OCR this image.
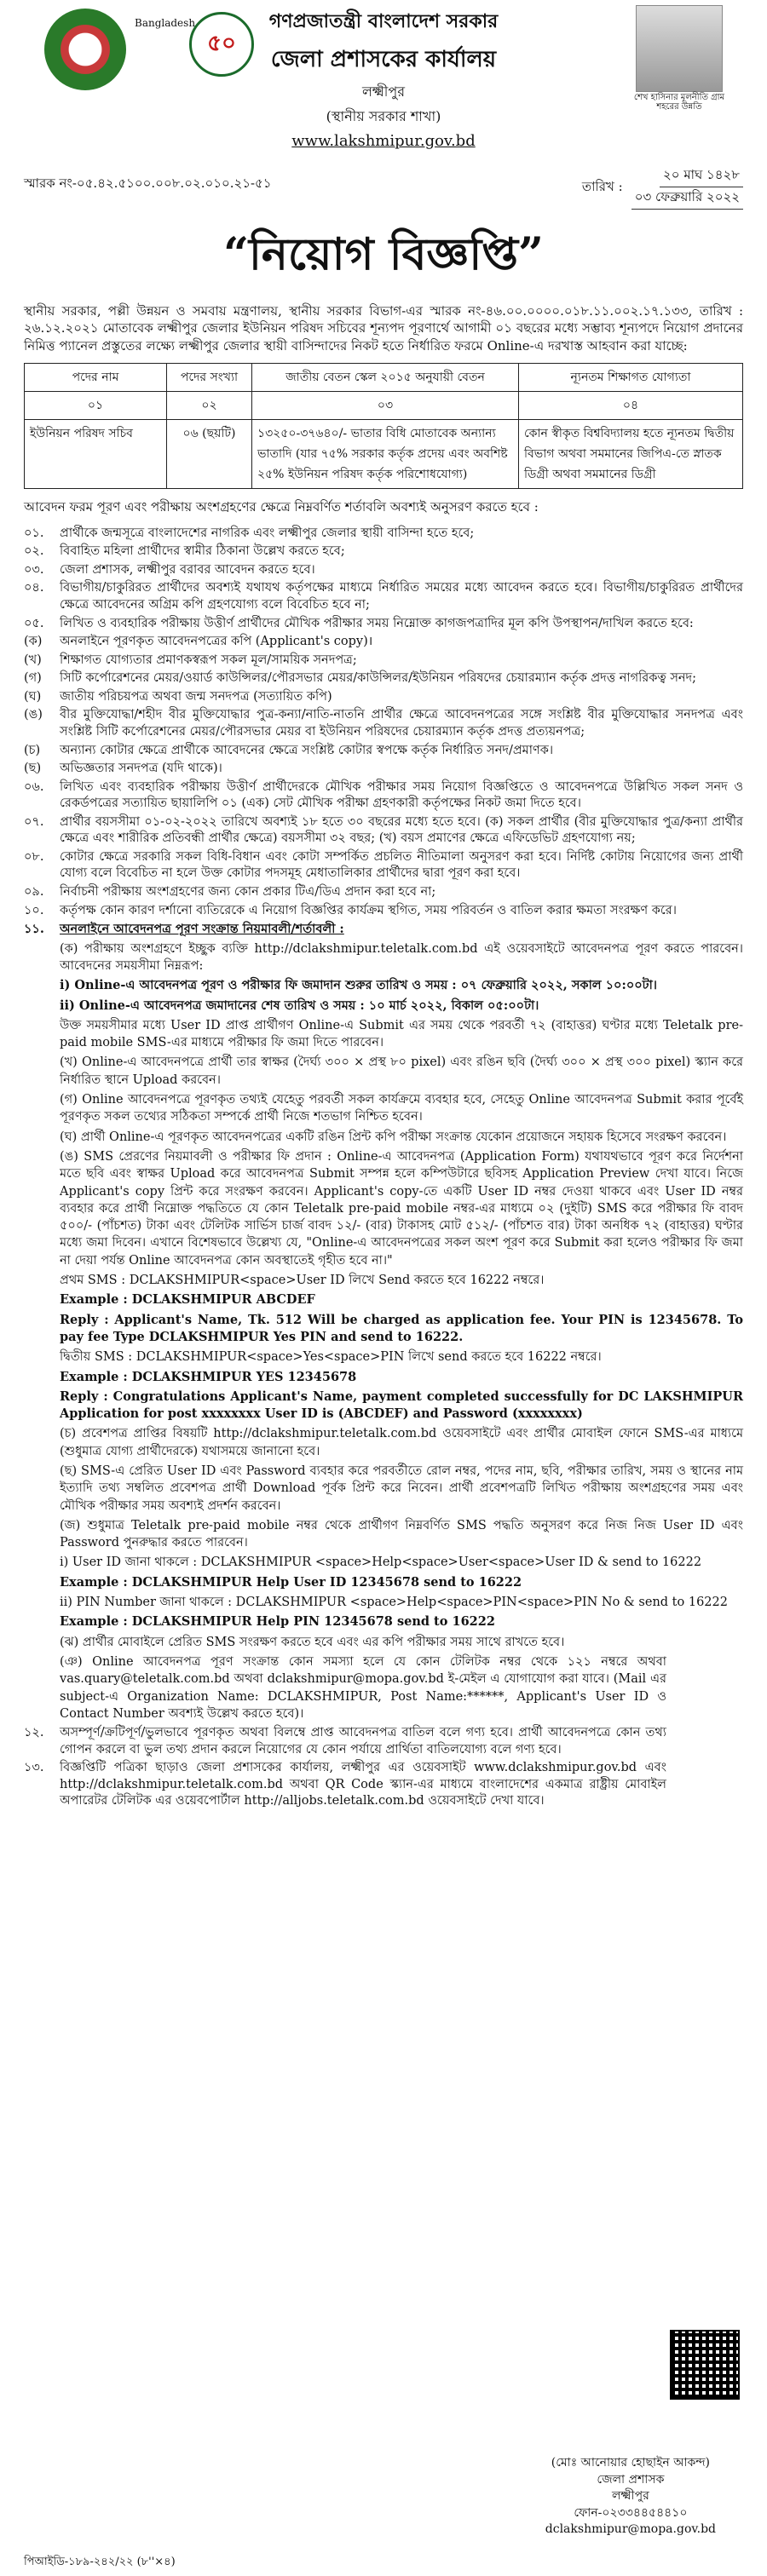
Bangladesh
৫০
শেখ হাসিনার মূলনীতি গ্রাম শহরের উন্নতি
গণপ্রজাতন্ত্রী বাংলাদেশ সরকার
জেলা প্রশাসকের কার্যালয়
লক্ষ্মীপুর
(স্থানীয় সরকার শাখা)
www.lakshmipur.gov.bd
স্মারক নং-০৫.৪২.৫১০০.০০৮.০২.০১০.২১-৫১	তারিখ :
২০ মাঘ ১৪২৮
০৩ ফেব্রুয়ারি ২০২২
“নিয়োগ বিজ্ঞপ্তি”
স্থানীয় সরকার, পল্লী উন্নয়ন ও সমবায় মন্ত্রণালয়, স্থানীয় সরকার বিভাগ-এর স্মারক নং-৪৬.০০.০০০০.০১৮.১১.০০২.১৭.১৩৩, তারিখ : ২৬.১২.২০২১ মোতাবেক লক্ষ্মীপুর জেলার ইউনিয়ন পরিষদ সচিবের শূন্যপদ পূরণার্থে আগামী ০১ বছরের মধ্যে সম্ভাব্য শূন্যপদে নিয়োগ প্রদানের নিমিত্ত প্যানেল প্রস্তুতের লক্ষ্যে লক্ষ্মীপুর জেলার স্থায়ী বাসিন্দাদের নিকট হতে নির্ধারিত ফরমে Online-এ দরখাস্ত আহবান করা যাচ্ছে:
পদের নাম	পদের সংখ্যা	জাতীয় বেতন স্কেল ২০১৫ অনুযায়ী বেতন	ন্যূনতম শিক্ষাগত যোগ্যতা
০১	০২	০৩	০৪
ইউনিয়ন পরিষদ সচিব	০৬ (ছয়টি)	১৩২৫০-৩৭৬৪০/- ভাতার বিধি মোতাবেক অন্যান্য ভাতাদি (যার ৭৫% সরকার কর্তৃক প্রদেয় এবং অবশিষ্ট ২৫% ইউনিয়ন পরিষদ কর্তৃক পরিশোধযোগ্য)	কোন স্বীকৃত বিশ্ববিদ্যালয় হতে ন্যূনতম দ্বিতীয় বিভাগ অথবা সমমানের জিপিএ-তে স্নাতক ডিগ্রী অথবা সমমানের ডিগ্রী
আবেদন ফরম পূরণ এবং পরীক্ষায় অংশগ্রহণের ক্ষেত্রে নিম্নবর্ণিত শর্তাবলি অবশ্যই অনুসরণ করতে হবে :
০১.	প্রার্থীকে জন্মসূত্রে বাংলাদেশের নাগরিক এবং লক্ষ্মীপুর জেলার স্থায়ী বাসিন্দা হতে হবে;
০২.	বিবাহিত মহিলা প্রার্থীদের স্বামীর ঠিকানা উল্লেখ করতে হবে;
০৩.	জেলা প্রশাসক, লক্ষ্মীপুর বরাবর আবেদন করতে হবে।
০৪.	বিভাগীয়/চাকুরিরত প্রার্থীদের অবশ্যই যথাযথ কর্তৃপক্ষের মাধ্যমে নির্ধারিত সময়ের মধ্যে আবেদন করতে হবে। বিভাগীয়/চাকুরিরত প্রার্থীদের ক্ষেত্রে আবেদনের অগ্রিম কপি গ্রহণযোগ্য বলে বিবেচিত হবে না;
০৫.	লিখিত ও ব্যবহারিক পরীক্ষায় উত্তীর্ণ প্রার্থীদের মৌখিক পরীক্ষার সময় নিম্নোক্ত কাগজপত্রাদির মূল কপি উপস্থাপন/দাখিল করতে হবে:
(ক)	অনলাইনে পূরণকৃত আবেদনপত্রের কপি (Applicant's copy)।
(খ)	শিক্ষাগত যোগ্যতার প্রমাণকস্বরূপ সকল মূল/সাময়িক সনদপত্র;
(গ)	সিটি কর্পোরেশনের মেয়র/ওয়ার্ড কাউন্সিলর/পৌরসভার মেয়র/কাউন্সিলর/ইউনিয়ন পরিষদের চেয়ারম্যান কর্তৃক প্রদত্ত নাগরিকত্ব সনদ;
(ঘ)	জাতীয় পরিচয়পত্র অথবা জন্ম সনদপত্র (সত্যায়িত কপি)
(ঙ)	বীর মুক্তিযোদ্ধা/শহীদ বীর মুক্তিযোদ্ধার পুত্র-কন্যা/নাতি-নাতনি প্রার্থীর ক্ষেত্রে আবেদনপত্রের সঙ্গে সংশ্লিষ্ট বীর মুক্তিযোদ্ধার সনদপত্র এবং সংশ্লিষ্ট সিটি কর্পোরেশনের মেয়র/পৌরসভার মেয়র বা ইউনিয়ন পরিষদের চেয়ারম্যান কর্তৃক প্রদত্ত প্রত্যয়নপত্র;
(চ)	অন্যান্য কোটার ক্ষেত্রে প্রার্থীকে আবেদনের ক্ষেত্রে সংশ্লিষ্ট কোটার স্বপক্ষে কর্তৃক নির্ধারিত সনদ/প্রমাণক।
(ছ)	অভিজ্ঞতার সনদপত্র (যদি থাকে)।
০৬.	লিখিত এবং ব্যবহারিক পরীক্ষায় উত্তীর্ণ প্রার্থীদেরকে মৌখিক পরীক্ষার সময় নিয়োগ বিজ্ঞপ্তিতে ও আবেদনপত্রে উল্লিখিত সকল সনদ ও রেকর্ডপত্রের সত্যায়িত ছায়ালিপি ০১ (এক) সেট মৌখিক পরীক্ষা গ্রহণকারী কর্তৃপক্ষের নিকট জমা দিতে হবে।
০৭.	প্রার্থীর বয়সসীমা ০১-০২-২০২২ তারিখে অবশ্যই ১৮ হতে ৩০ বছরের মধ্যে হতে হবে। (ক) সকল প্রার্থীর (বীর মুক্তিযোদ্ধার পুত্র/কন্যা প্রার্থীর ক্ষেত্রে এবং শারীরিক প্রতিবন্ধী প্রার্থীর ক্ষেত্রে) বয়সসীমা ৩২ বছর; (খ) বয়স প্রমাণের ক্ষেত্রে এফিডেভিট গ্রহণযোগ্য নয়;
০৮.	কোটার ক্ষেত্রে সরকারি সকল বিধি-বিধান এবং কোটা সম্পর্কিত প্রচলিত নীতিমালা অনুসরণ করা হবে। নির্দিষ্ট কোটায় নিয়োগের জন্য প্রার্থী যোগ্য বলে বিবেচিত না হলে উক্ত কোটার পদসমূহ মেধাতালিকার প্রার্থীদের দ্বারা পূরণ করা হবে।
০৯.	নির্বাচনী পরীক্ষায় অংশগ্রহণের জন্য কোন প্রকার টিএ/ডিএ প্রদান করা হবে না;
১০.	কর্তৃপক্ষ কোন কারণ দর্শানো ব্যতিরেকে এ নিয়োগ বিজ্ঞপ্তির কার্যক্রম স্থগিত, সময় পরিবর্তন ও বাতিল করার ক্ষমতা সংরক্ষণ করে।
১১.	অনলাইনে আবেদনপত্র পূরণ সংক্রান্ত নিয়মাবলী/শর্তাবলী :

(ক) পরীক্ষায় অংশগ্রহণে ইচ্ছুক ব্যক্তি http://dclakshmipur.teletalk.com.bd এই ওয়েবসাইটে আবেদনপত্র পূরণ করতে পারবেন। আবেদনের সময়সীমা নিম্নরূপ:

i) Online-এ আবেদনপত্র পূরণ ও পরীক্ষার ফি জমাদান শুরুর তারিখ ও সময় : ০৭ ফেব্রুয়ারি ২০২২, সকাল ১০:০০টা।

ii) Online-এ আবেদনপত্র জমাদানের শেষ তারিখ ও সময় : ১০ মার্চ ২০২২, বিকাল ০৫:০০টা।

উক্ত সময়সীমার মধ্যে User ID প্রাপ্ত প্রার্থীগণ Online-এ Submit এর সময় থেকে পরবর্তী ৭২ (বাহাত্তর) ঘণ্টার মধ্যে Teletalk pre-paid mobile SMS-এর মাধ্যমে পরীক্ষার ফি জমা দিতে পারবেন।

(খ) Online-এ আবেদনপত্রে প্রার্থী তার স্বাক্ষর (দৈর্ঘ্য ৩০০ × প্রস্থ ৮০ pixel) এবং রঙিন ছবি (দৈর্ঘ্য ৩০০ × প্রস্থ ৩০০ pixel) স্ক্যান করে নির্ধারিত স্থানে Upload করবেন।

(গ) Online আবেদনপত্রে পূরণকৃত তথ্যই যেহেতু পরবর্তী সকল কার্যক্রমে ব্যবহার হবে, সেহেতু Online আবেদনপত্র Submit করার পূর্বেই পূরণকৃত সকল তথ্যের সঠিকতা সম্পর্কে প্রার্থী নিজে শতভাগ নিশ্চিত হবেন।

(ঘ) প্রার্থী Online-এ পূরণকৃত আবেদনপত্রের একটি রঙিন প্রিন্ট কপি পরীক্ষা সংক্রান্ত যেকোন প্রয়োজনে সহায়ক হিসেবে সংরক্ষণ করবেন।

(ঙ) SMS প্রেরণের নিয়মাবলী ও পরীক্ষার ফি প্রদান : Online-এ আবেদনপত্র (Application Form) যথাযথভাবে পূরণ করে নির্দেশনা মতে ছবি এবং স্বাক্ষর Upload করে আবেদনপত্র Submit সম্পন্ন হলে কম্পিউটারে ছবিসহ Application Preview দেখা যাবে। নিজে Applicant's copy প্রিন্ট করে সংরক্ষণ করবেন। Applicant's copy-তে একটি User ID নম্বর দেওয়া থাকবে এবং User ID নম্বর ব্যবহার করে প্রার্থী নিম্নোক্ত পদ্ধতিতে যে কোন Teletalk pre-paid mobile নম্বর-এর মাধ্যমে ০২ (দুইটি) SMS করে পরীক্ষার ফি বাবদ ৫০০/- (পাঁচশত) টাকা এবং টেলিটক সার্ভিস চার্জ বাবদ ১২/- (বার) টাকাসহ মোট ৫১২/- (পাঁচশত বার) টাকা অনধিক ৭২ (বাহাত্তর) ঘণ্টার মধ্যে জমা দিবেন। এখানে বিশেষভাবে উল্লেখ্য যে, "Online-এ আবেদনপত্রের সকল অংশ পূরণ করে Submit করা হলেও পরীক্ষার ফি জমা না দেয়া পর্যন্ত Online আবেদনপত্র কোন অবস্থাতেই গৃহীত হবে না।"

প্রথম SMS : DCLAKSHMIPUR<space>User ID লিখে Send করতে হবে 16222 নম্বরে।

Example : DCLAKSHMIPUR ABCDEF

Reply : Applicant's Name, Tk. 512 Will be charged as application fee. Your PIN is 12345678. To pay fee Type DCLAKSHMIPUR Yes PIN and send to 16222.

দ্বিতীয় SMS : DCLAKSHMIPUR<space>Yes<space>PIN লিখে send করতে হবে 16222 নম্বরে।

Example : DCLAKSHMIPUR YES 12345678

Reply : Congratulations Applicant's Name, payment completed successfully for DC LAKSHMIPUR Application for post xxxxxxxx User ID is (ABCDEF) and Password (xxxxxxxx)

(চ) প্রবেশপত্র প্রাপ্তির বিষয়টি http://dclakshmipur.teletalk.com.bd ওয়েবসাইটে এবং প্রার্থীর মোবাইল ফোনে SMS-এর মাধ্যমে (শুধুমাত্র যোগ্য প্রার্থীদেরকে) যথাসময়ে জানানো হবে।

(ছ) SMS-এ প্রেরিত User ID এবং Password ব্যবহার করে পরবর্তীতে রোল নম্বর, পদের নাম, ছবি, পরীক্ষার তারিখ, সময় ও স্থানের নাম ইত্যাদি তথ্য সম্বলিত প্রবেশপত্র প্রার্থী Download পূর্বক প্রিন্ট করে নিবেন। প্রার্থী প্রবেশপত্রটি লিখিত পরীক্ষায় অংশগ্রহণের সময় এবং মৌখিক পরীক্ষার সময় অবশ্যই প্রদর্শন করবেন।

(জ) শুধুমাত্র Teletalk pre-paid mobile নম্বর থেকে প্রার্থীগণ নিম্নবর্ণিত SMS পদ্ধতি অনুসরণ করে নিজ নিজ User ID এবং Password পুনরুদ্ধার করতে পারবেন।

i) User ID জানা থাকলে : DCLAKSHMIPUR <space>Help<space>User<space>User ID & send to 16222

Example : DCLAKSHMIPUR Help User ID 12345678 send to 16222

ii) PIN Number জানা থাকলে : DCLAKSHMIPUR <space>Help<space>PIN<space>PIN No & send to 16222

Example : DCLAKSHMIPUR Help PIN 12345678 send to 16222

(ঝ) প্রার্থীর মোবাইলে প্রেরিত SMS সংরক্ষণ করতে হবে এবং এর কপি পরীক্ষার সময় সাথে রাখতে হবে।

(ঞ) Online আবেদনপত্র পূরণ সংক্রান্ত কোন সমস্যা হলে যে কোন টেলিটক নম্বর থেকে ১২১ নম্বরে অথবা vas.quary@teletalk.com.bd অথবা dclakshmipur@mopa.gov.bd ই-মেইল এ যোগাযোগ করা যাবে। (Mail এর subject-এ Organization Name: DCLAKSHMIPUR, Post Name:******, Applicant's User ID ও Contact Number অবশ্যই উল্লেখ করতে হবে)।

১২.	অসম্পূর্ণ/ক্রটিপূর্ণ/ভুলভাবে পূরণকৃত অথবা বিলম্বে প্রাপ্ত আবেদনপত্র বাতিল বলে গণ্য হবে। প্রার্থী আবেদনপত্রে কোন তথ্য গোপন করলে বা ভুল তথ্য প্রদান করলে নিয়োগের যে কোন পর্যায়ে প্রার্থিতা বাতিলযোগ্য বলে গণ্য হবে।
১৩.	বিজ্ঞপ্তিটি পত্রিকা ছাড়াও জেলা প্রশাসকের কার্যালয়, লক্ষ্মীপুর এর ওয়েবসাইট www.dclakshmipur.gov.bd এবং http://dclakshmipur.teletalk.com.bd অথবা QR Code স্ক্যান-এর মাধ্যমে বাংলাদেশের একমাত্র রাষ্ট্রীয় মোবাইল অপারেটর টেলিটক এর ওয়েবপোর্টাল http://alljobs.teletalk.com.bd ওয়েবসাইটে দেখা যাবে।
(মোঃ আনোয়ার হোছাইন আকন্দ)
জেলা প্রশাসক
লক্ষ্মীপুর
ফোন-০২৩৩৪৪৫৪৪১০
dclakshmipur@mopa.gov.bd
পিআইডি-১৮৯-২৪২/২২ (৮''×৪)
